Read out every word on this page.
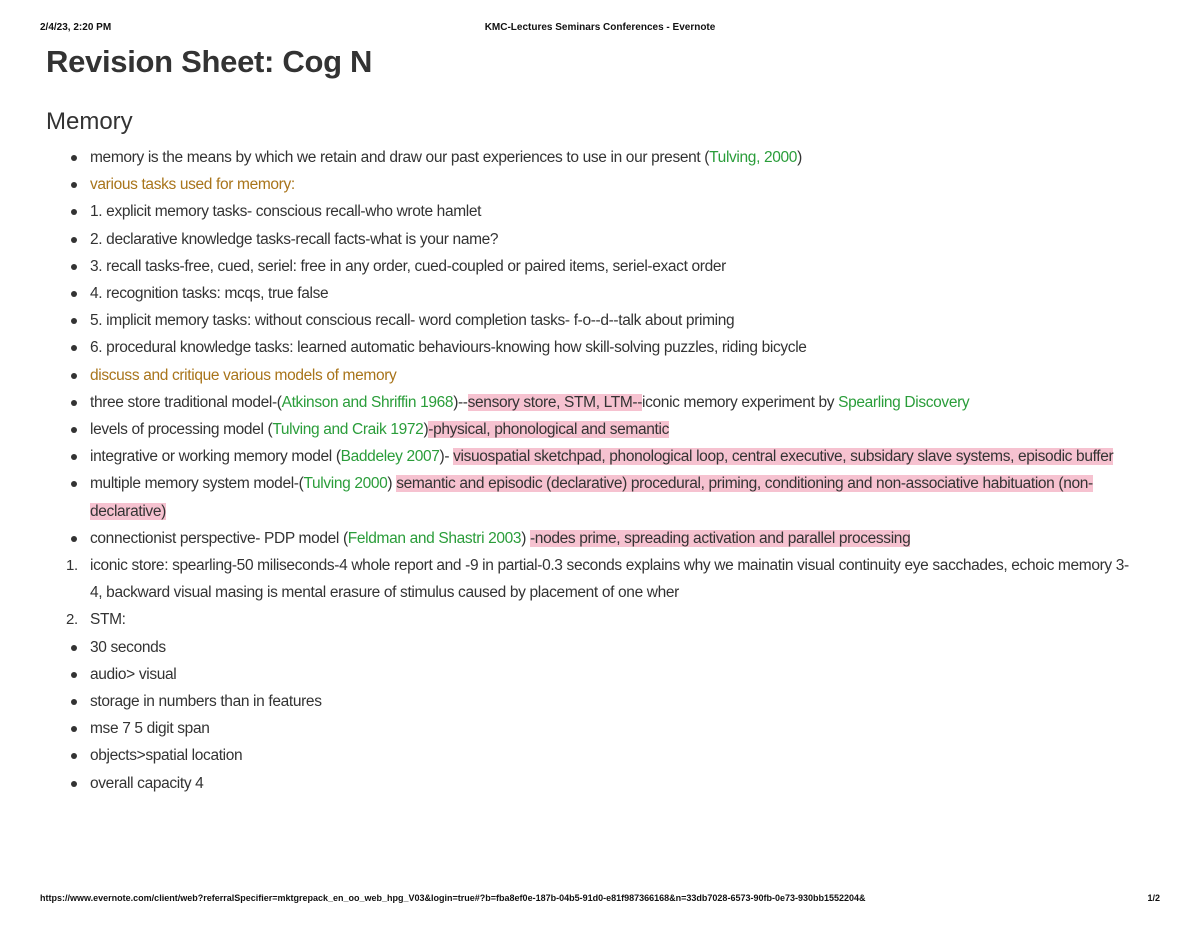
2/4/23, 2:20 PM	KMC-Lectures Seminars Conferences - Evernote
Revision Sheet: Cog N
Memory
memory is the means by which we retain and draw our past experiences to use in our present (Tulving, 2000)
various tasks used for memory:
1. explicit memory tasks- conscious recall-who wrote hamlet
2. declarative knowledge tasks-recall facts-what is your name?
3. recall tasks-free, cued, seriel: free in any order, cued-coupled or paired items, seriel-exact order
4. recognition tasks: mcqs, true false
5. implicit memory tasks: without conscious recall- word completion tasks- f-o--d--talk about priming
6. procedural knowledge tasks: learned automatic behaviours-knowing how skill-solving puzzles, riding bicycle
discuss and critique various models of memory
three store traditional model-(Atkinson and Shriffin 1968)--sensory store, STM, LTM--iconic memory experiment by Spearling Discovery
levels of processing model (Tulving and Craik 1972)-physical, phonological and semantic
integrative or working memory model (Baddeley 2007)- visuospatial sketchpad, phonological loop, central executive, subsidary slave systems, episodic buffer
multiple memory system model-(Tulving 2000) semantic and episodic (declarative) procedural, priming, conditioning and non-associative habituation (non-declarative)
connectionist perspective- PDP model (Feldman and Shastri 2003) -nodes prime, spreading activation and parallel processing
1. iconic store: spearling-50 miliseconds-4 whole report and -9 in partial-0.3 seconds explains why we mainatin visual continuity eye sacchades, echoic memory 3-4, backward visual masing is mental erasure of stimulus caused by placement of one wher
2. STM:
30 seconds
audio> visual
storage in numbers than in features
mse 7 5 digit span
objects>spatial location
overall capacity 4
https://www.evernote.com/client/web?referralSpecifier=mktgrepack_en_oo_web_hpg_V03&login=true#?b=fba8ef0e-187b-04b5-91d0-e81f987366168&n=33db7028-6573-90fb-0e73-930bb1552204&	1/2
